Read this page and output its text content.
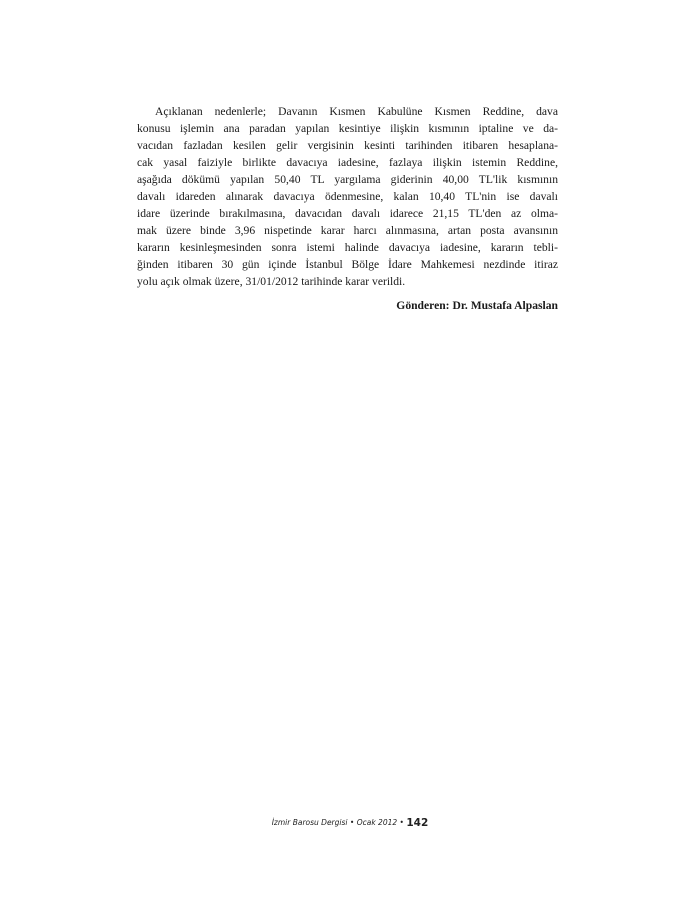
Açıklanan nedenlerle; Davanın Kısmen Kabulüne Kısmen Reddine, dava
konusu işlemin ana paradan yapılan kesintiye ilişkin kısmının iptaline ve da-
vacıdan fazladan kesilen gelir vergisinin kesinti tarihinden itibaren hesaplana-
cak yasal faiziyle birlikte davacıya iadesine, fazlaya ilişkin istemin Reddine,
aşağıda dökümü yapılan 50,40 TL yargılama giderinin 40,00 TL'lik kısmının
davalı idareden alınarak davacıya ödenmesine, kalan 10,40 TL'nin ise davalı
idare üzerinde bırakılmasına, davacıdan davalı idarece 21,15 TL'den az olma-
mak üzere binde 3,96 nispetinde karar harcı alınmasına, artan posta avansının
kararın kesinleşmesinden sonra istemi halinde davacıya iadesine, kararın tebli-
ğinden itibaren 30 gün içinde İstanbul Bölge İdare Mahkemesi nezdinde itiraz
yolu açık olmak üzere, 31/01/2012 tarihinde karar verildi.
Gönderen: Dr. Mustafa Alpaslan
İzmir Barosu Dergisi • Ocak 2012 • 142
